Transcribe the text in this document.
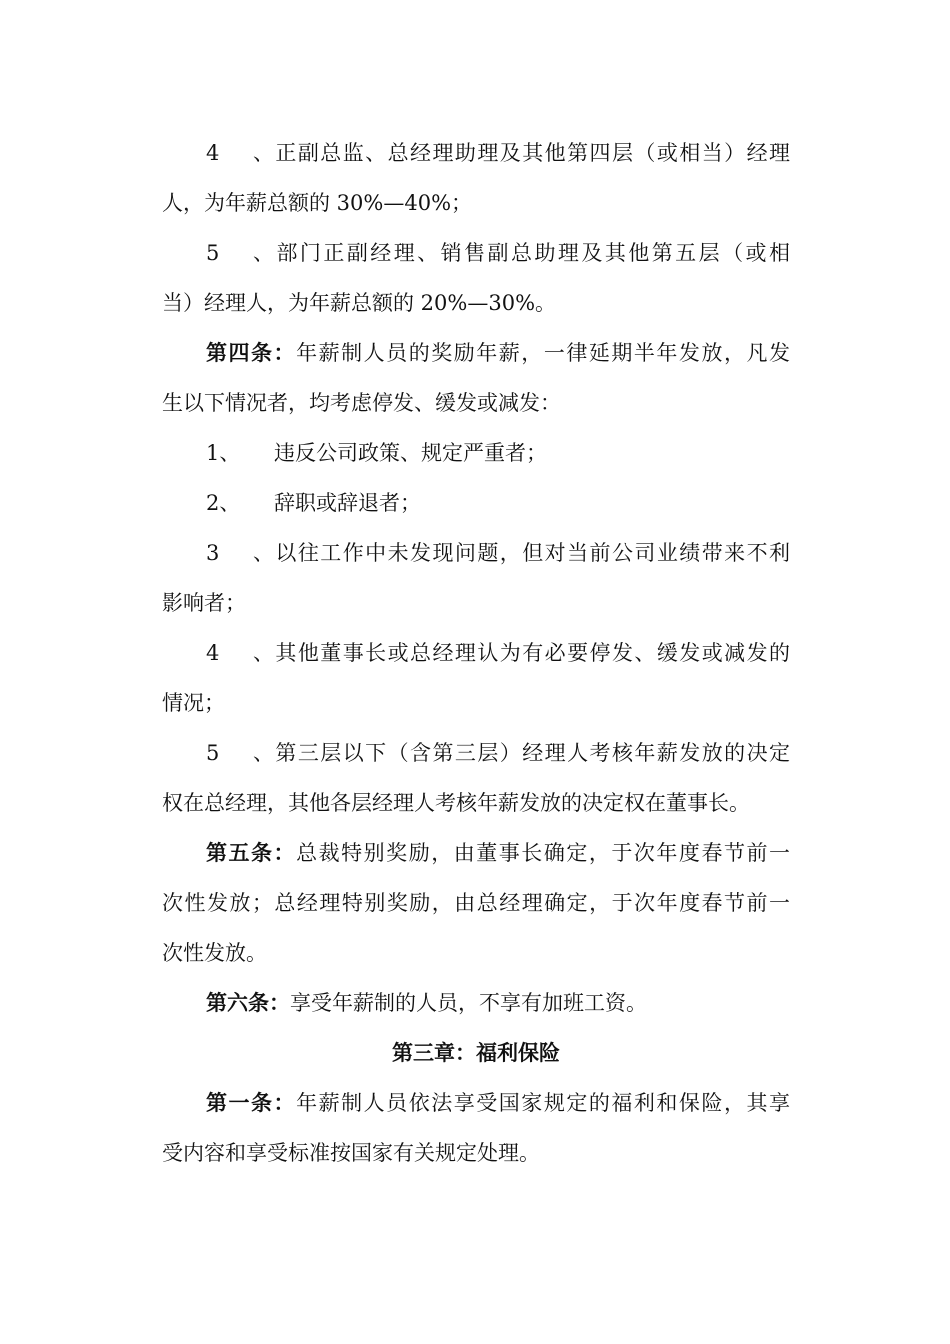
4、正副总监、总经理助理及其他第四层（或相当）经理
人，为年薪总额的 30%—40%；
5、部门正副经理、销售副总助理及其他第五层（或相
当）经理人，为年薪总额的 20%—30%。
第四条：年薪制人员的奖励年薪，一律延期半年发放，凡发
生以下情况者，均考虑停发、缓发或减发：
1、 违反公司政策、规定严重者；
2、 辞职或辞退者；
3、以往工作中未发现问题，但对当前公司业绩带来不利
影响者；
4、其他董事长或总经理认为有必要停发、缓发或减发的
情况；
5、第三层以下（含第三层）经理人考核年薪发放的决定
权在总经理，其他各层经理人考核年薪发放的决定权在董事长。
第五条：总裁特别奖励，由董事长确定，于次年度春节前一
次性发放；总经理特别奖励，由总经理确定，于次年度春节前一
次性发放。
第六条：享受年薪制的人员，不享有加班工资。
第三章：福利保险
第一条：年薪制人员依法享受国家规定的福利和保险，其享
受内容和享受标准按国家有关规定处理。
